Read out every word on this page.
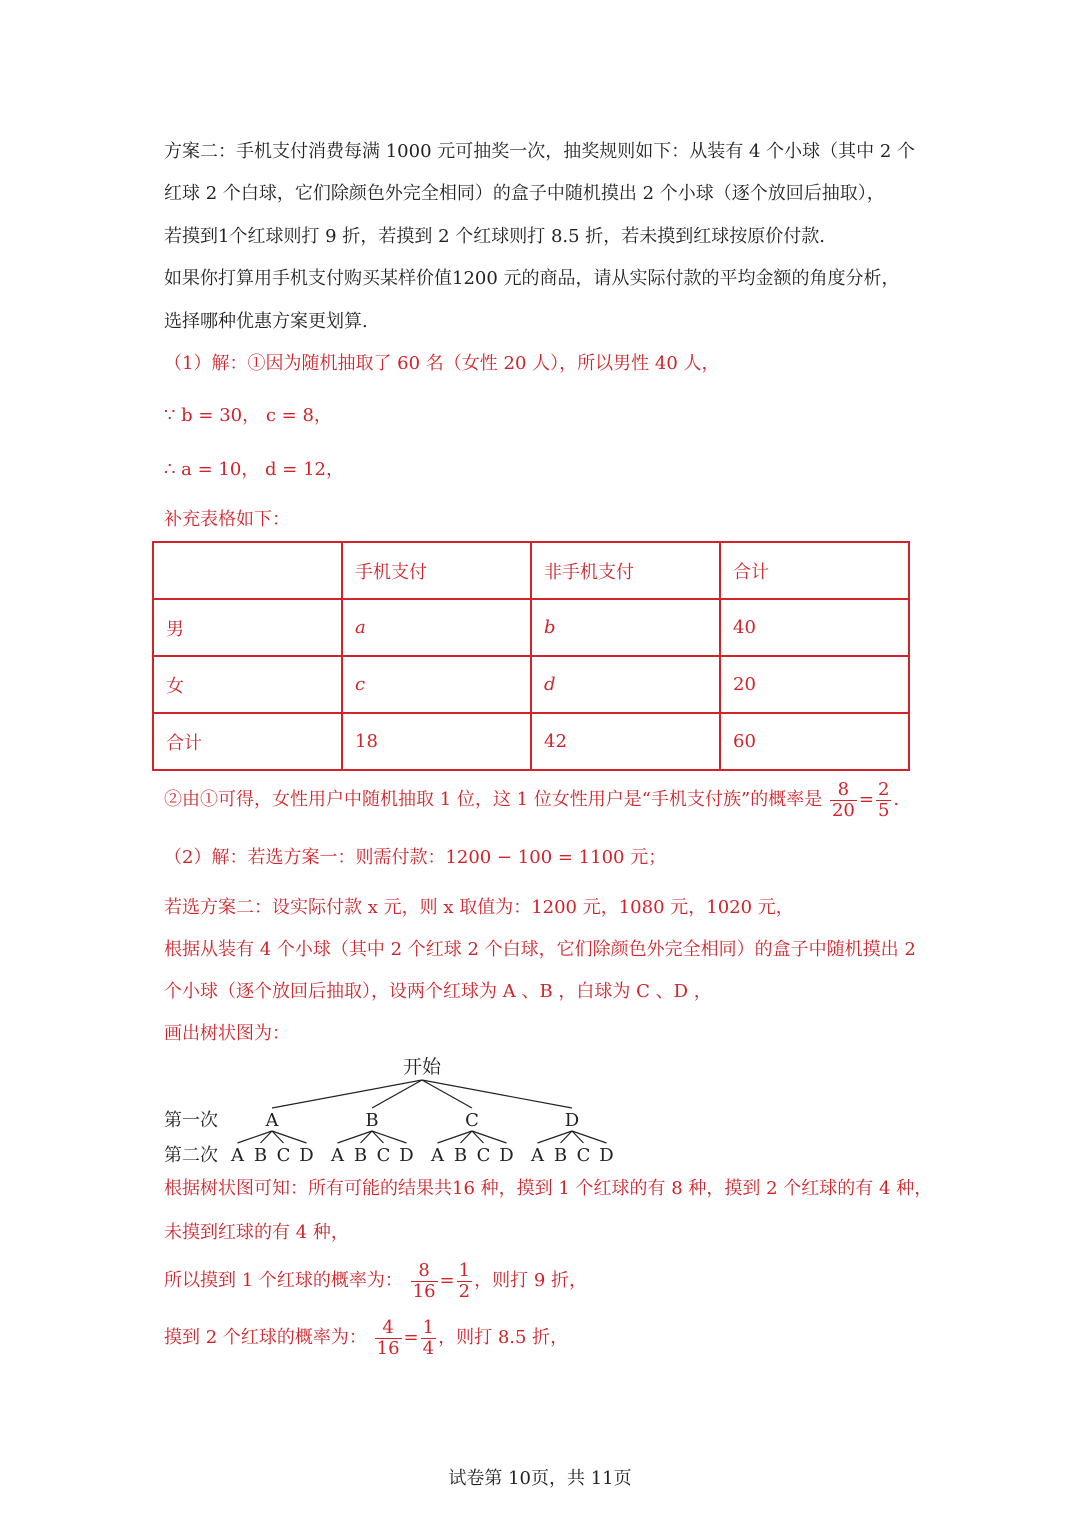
方案二：手机支付消费每满 1000 元可抽奖一次，抽奖规则如下：从装有 4 个小球（其中 2 个
红球 2 个白球，它们除颜色外完全相同）的盒子中随机摸出 2 个小球（逐个放回后抽取），
若摸到1个红球则打 9 折，若摸到 2 个红球则打 8.5 折，若未摸到红球按原价付款.
如果你打算用手机支付购买某样价值1200 元的商品，请从实际付款的平均金额的角度分析，
选择哪种优惠方案更划算.
（1）解：①因为随机抽取了 60 名（女性 20 人），所以男性 40 人，
∵ b = 30， c = 8，
∴ a = 10， d = 12，
补充表格如下：
	手机支付	非手机支付	合计
男	a	b	40
女	c	d	20
合计	18	42	60
②由①可得，女性用户中随机抽取 1 位，这 1 位女性用户是“手机支付族”的概率是 $\frac{8}{20} = \frac{2}{5}$ .
（2）解：若选方案一：则需付款：1200 − 100 = 1100 元；
若选方案二：设实际付款 x 元，则 x 取值为：1200 元，1080 元，1020 元，
根据从装有 4 个小球（其中 2 个红球 2 个白球，它们除颜色外完全相同）的盒子中随机摸出 2
个小球（逐个放回后抽取），设两个红球为 A 、B ，白球为 C 、D ，
画出树状图为：
开始
第一次
第二次
A
A B C D
B
A B C D
C
A B C D
D
A B C D
根据树状图可知：所有可能的结果共16 种，摸到 1 个红球的有 8 种，摸到 2 个红球的有 4 种，
未摸到红球的有 4 种，
所以摸到 1 个红球的概率为： $\frac{8}{16} = \frac{1}{2}$ ，则打 9 折，
摸到 2 个红球的概率为： $\frac{4}{16} = \frac{1}{4}$ ，则打 8.5 折，
试卷第 10页，共 11页
